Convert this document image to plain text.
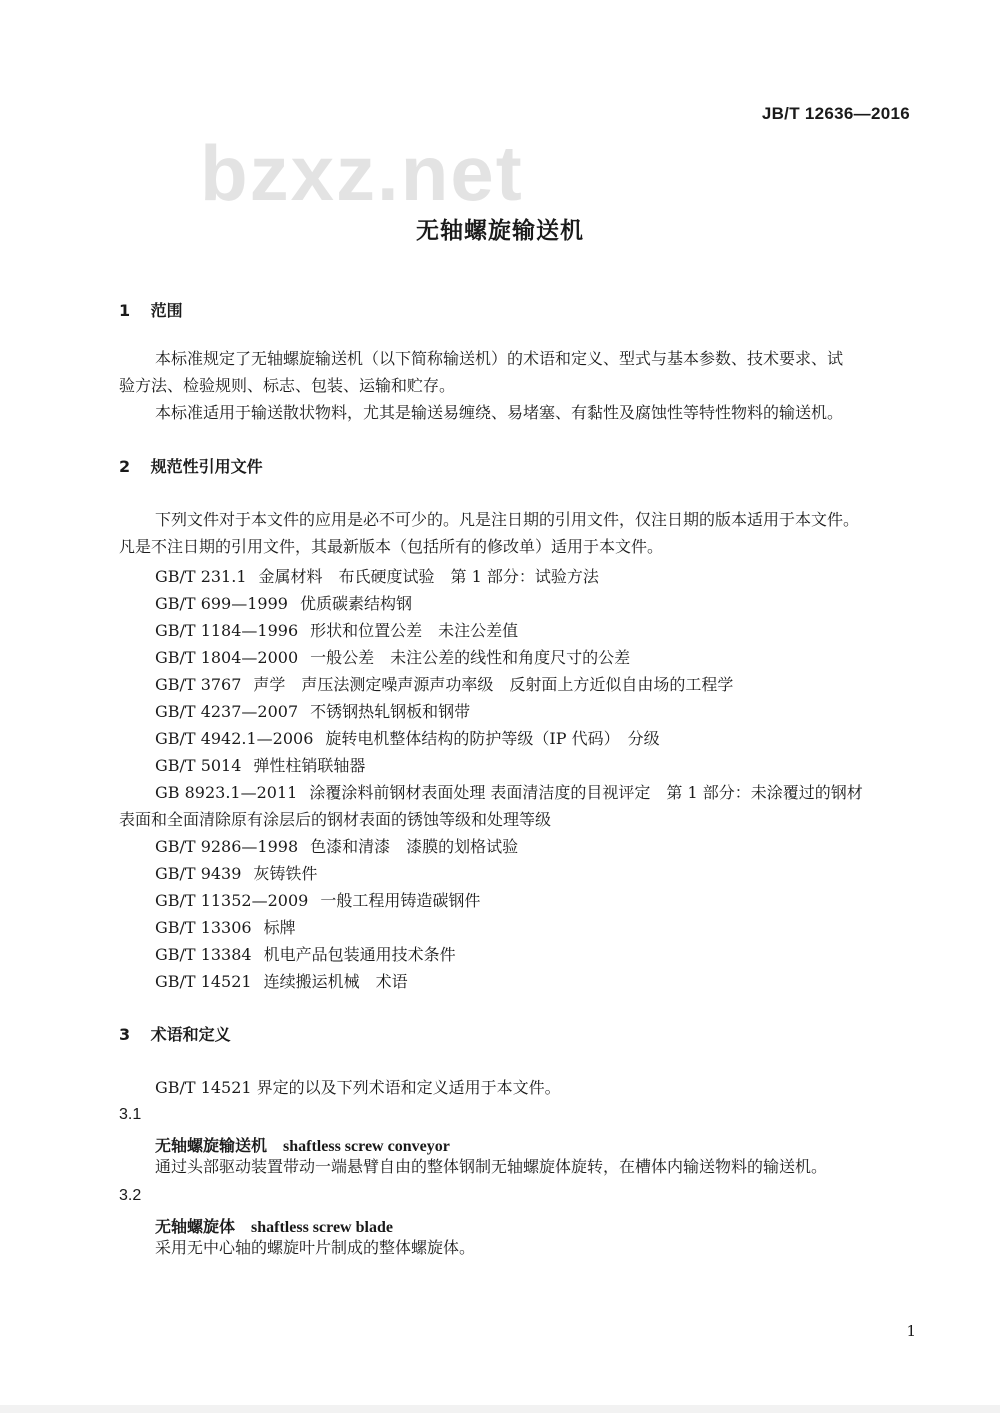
bzxz.net
JB/T 12636—2016
无轴螺旋输送机
1 范围
本标准规定了无轴螺旋输送机（以下简称输送机）的术语和定义、型式与基本参数、技术要求、试
验方法、检验规则、标志、包装、运输和贮存。
本标准适用于输送散状物料，尤其是输送易缠绕、易堵塞、有黏性及腐蚀性等特性物料的输送机。
2 规范性引用文件
下列文件对于本文件的应用是必不可少的。凡是注日期的引用文件，仅注日期的版本适用于本文件。
凡是不注日期的引用文件，其最新版本（包括所有的修改单）适用于本文件。
GB/T 231.1 金属材料　布氏硬度试验　第 1 部分：试验方法
GB/T 699—1999 优质碳素结构钢
GB/T 1184—1996 形状和位置公差　未注公差值
GB/T 1804—2000 一般公差　未注公差的线性和角度尺寸的公差
GB/T 3767 声学　声压法测定噪声源声功率级　反射面上方近似自由场的工程学
GB/T 4237—2007 不锈钢热轧钢板和钢带
GB/T 4942.1—2006 旋转电机整体结构的防护等级（IP 代码）　分级
GB/T 5014 弹性柱销联轴器
GB 8923.1—2011 涂覆涂料前钢材表面处理 表面清洁度的目视评定　第 1 部分：未涂覆过的钢材
表面和全面清除原有涂层后的钢材表面的锈蚀等级和处理等级
GB/T 9286—1998 色漆和清漆　漆膜的划格试验
GB/T 9439 灰铸铁件
GB/T 11352—2009 一般工程用铸造碳钢件
GB/T 13306 标牌
GB/T 13384 机电产品包装通用技术条件
GB/T 14521 连续搬运机械　术语
3 术语和定义
GB/T 14521 界定的以及下列术语和定义适用于本文件。
3.1
无轴螺旋输送机 shaftless screw conveyor
通过头部驱动装置带动一端悬臂自由的整体钢制无轴螺旋体旋转，在槽体内输送物料的输送机。
3.2
无轴螺旋体 shaftless screw blade
采用无中心轴的螺旋叶片制成的整体螺旋体。
1
